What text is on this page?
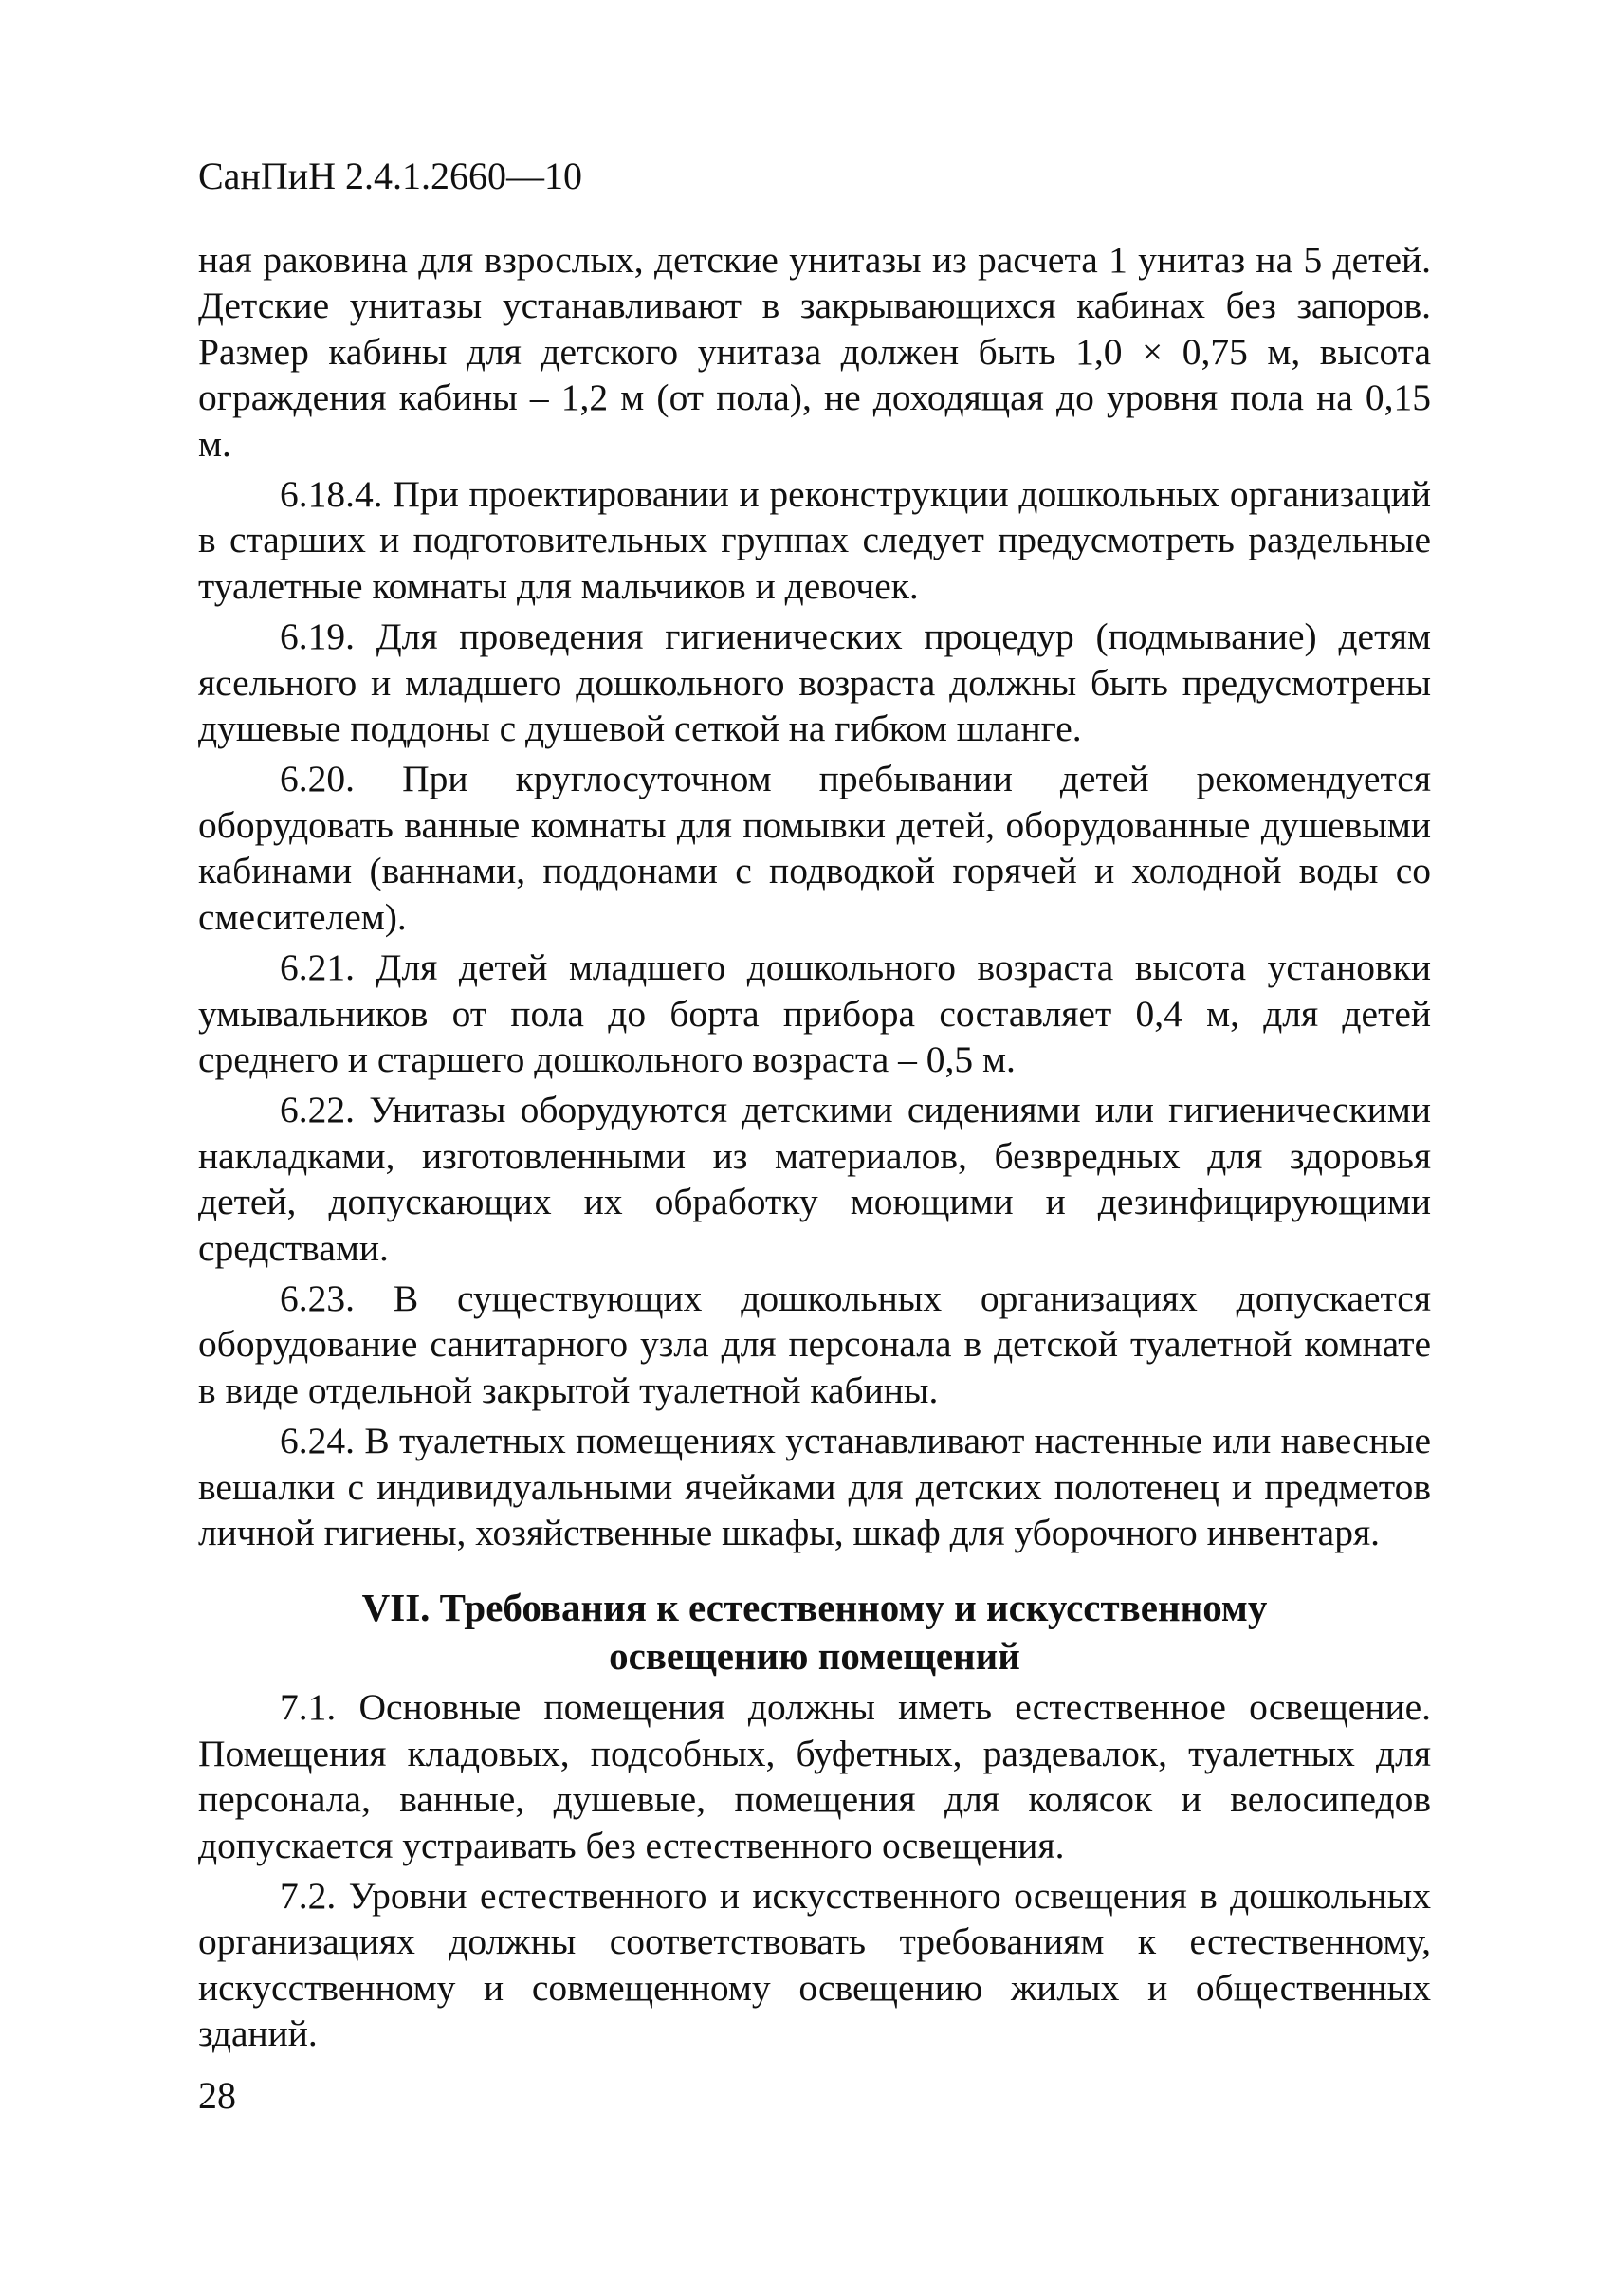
СанПиН 2.4.1.2660—10

ная раковина для взрослых, детские унитазы из расчета 1 унитаз на 5 детей. Детские унитазы устанавливают в закрывающихся кабинах без запоров. Размер кабины для детского унитаза должен быть 1,0 × 0,75 м, высота ограждения кабины – 1,2 м (от пола), не доходящая до уровня пола на 0,15 м.

6.18.4. При проектировании и реконструкции дошкольных организаций в старших и подготовительных группах следует предусмотреть раздельные туалетные комнаты для мальчиков и девочек.

6.19. Для проведения гигиенических процедур (подмывание) детям ясельного и младшего дошкольного возраста должны быть предусмотрены душевые поддоны с душевой сеткой на гибком шланге.

6.20. При круглосуточном пребывании детей рекомендуется оборудовать ванные комнаты для помывки детей, оборудованные душевыми кабинами (ваннами, поддонами с подводкой горячей и холодной воды со смесителем).

6.21. Для детей младшего дошкольного возраста высота установки умывальников от пола до борта прибора составляет 0,4 м, для детей среднего и старшего дошкольного возраста – 0,5 м.

6.22. Унитазы оборудуются детскими сидениями или гигиеническими накладками, изготовленными из материалов, безвредных для здоровья детей, допускающих их обработку моющими и дезинфицирующими средствами.

6.23. В существующих дошкольных организациях допускается оборудование санитарного узла для персонала в детской туалетной комнате в виде отдельной закрытой туалетной кабины.

6.24. В туалетных помещениях устанавливают настенные или навесные вешалки с индивидуальными ячейками для детских полотенец и предметов личной гигиены, хозяйственные шкафы, шкаф для уборочного инвентаря.

VII. Требования к естественному и искусственному
освещению помещений

7.1. Основные помещения должны иметь естественное освещение. Помещения кладовых, подсобных, буфетных, раздевалок, туалетных для персонала, ванные, душевые, помещения для колясок и велосипедов допускается устраивать без естественного освещения.

7.2. Уровни естественного и искусственного освещения в дошкольных организациях должны соответствовать требованиям к естественному, искусственному и совмещенному освещению жилых и общественных зданий.

28
